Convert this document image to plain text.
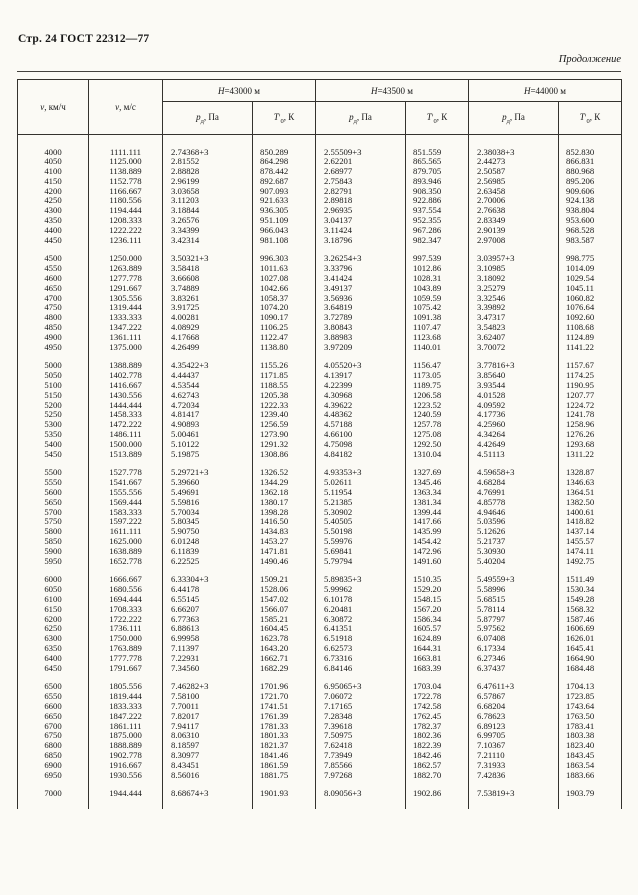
Стр. 24 ГОСТ 22312—77
Продолжение
v, км/ч	v, м/с	H=43000 м		H=43500 м		H=44000 м	
		$p_д$, Па	$T'_0$, К	$p_д$, Па	$T'_0$, К	$p_д$, Па	$T'_0$, К

4000	1111.111	2.74368+3	850.289	2.55509+3	851.559	2.38038+3	852.830
4050	1125.000	2.81552	864.298	2.62201	865.565	2.44273	866.831
4100	1138.889	2.88828	878.442	2.68977	879.705	2.50587	880.968
4150	1152.778	2.96199	892.687	2.75843	893.946	2.56985	895.206
4200	1166.667	3.03658	907.093	2.82791	908.350	2.63458	909.606
4250	1180.556	3.11203	921.633	2.89818	922.886	2.70006	924.138
4300	1194.444	3.18844	936.305	2.96935	937.554	2.76638	938.804
4350	1208.333	3.26576	951.109	3.04137	952.355	2.83349	953.600
4400	1222.222	3.34399	966.043	3.11424	967.286	2.90139	968.528
4450	1236.111	3.42314	981.108	3.18796	982.347	2.97008	983.587

4500	1250.000	3.50321+3	996.303	3.26254+3	997.539	3.03957+3	998.775
4550	1263.889	3.58418	1011.63	3.33796	1012.86	3.10985	1014.09
4600	1277.778	3.66608	1027.08	3.41424	1028.31	3.18092	1029.54
4650	1291.667	3.74889	1042.66	3.49137	1043.89	3.25279	1045.11
4700	1305.556	3.83261	1058.37	3.56936	1059.59	3.32546	1060.82
4750	1319.444	3.91725	1074.20	3.64819	1075.42	3.39892	1076.64
4800	1333.333	4.00281	1090.17	3.72789	1091.38	3.47317	1092.60
4850	1347.222	4.08929	1106.25	3.80843	1107.47	3.54823	1108.68
4900	1361.111	4.17668	1122.47	3.88983	1123.68	3.62407	1124.89
4950	1375.000	4.26499	1138.80	3.97209	1140.01	3.70072	1141.22

5000	1388.889	4.35422+3	1155.26	4.05520+3	1156.47	3.77816+3	1157.67
5050	1402.778	4.44437	1171.85	4.13917	1173.05	3.85640	1174.25
5100	1416.667	4.53544	1188.55	4.22399	1189.75	3.93544	1190.95
5150	1430.556	4.62743	1205.38	4.30968	1206.58	4.01528	1207.77
5200	1444.444	4.72034	1222.33	4.39622	1223.52	4.09592	1224.72
5250	1458.333	4.81417	1239.40	4.48362	1240.59	4.17736	1241.78
5300	1472.222	4.90893	1256.59	4.57188	1257.78	4.25960	1258.96
5350	1486.111	5.00461	1273.90	4.66100	1275.08	4.34264	1276.26
5400	1500.000	5.10122	1291.32	4.75098	1292.50	4.42649	1293.68
5450	1513.889	5.19875	1308.86	4.84182	1310.04	4.51113	1311.22

5500	1527.778	5.29721+3	1326.52	4.93353+3	1327.69	4.59658+3	1328.87
5550	1541.667	5.39660	1344.29	5.02611	1345.46	4.68284	1346.63
5600	1555.556	5.49691	1362.18	5.11954	1363.34	4.76991	1364.51
5650	1569.444	5.59816	1380.17	5.21385	1381.34	4.85778	1382.50
5700	1583.333	5.70034	1398.28	5.30902	1399.44	4.94646	1400.61
5750	1597.222	5.80345	1416.50	5.40505	1417.66	5.03596	1418.82
5800	1611.111	5.90750	1434.83	5.50198	1435.99	5.12626	1437.14
5850	1625.000	6.01248	1453.27	5.59976	1454.42	5.21737	1455.57
5900	1638.889	6.11839	1471.81	5.69841	1472.96	5.30930	1474.11
5950	1652.778	6.22525	1490.46	5.79794	1491.60	5.40204	1492.75

6000	1666.667	6.33304+3	1509.21	5.89835+3	1510.35	5.49559+3	1511.49
6050	1680.556	6.44178	1528.06	5.99962	1529.20	5.58996	1530.34
6100	1694.444	6.55145	1547.02	6.10178	1548.15	5.68515	1549.28
6150	1708.333	6.66207	1566.07	6.20481	1567.20	5.78114	1568.32
6200	1722.222	6.77363	1585.21	6.30872	1586.34	5.87797	1587.46
6250	1736.111	6.88613	1604.45	6.41351	1605.57	5.97562	1606.69
6300	1750.000	6.99958	1623.78	6.51918	1624.89	6.07408	1626.01
6350	1763.889	7.11397	1643.20	6.62573	1644.31	6.17334	1645.41
6400	1777.778	7.22931	1662.71	6.73316	1663.81	6.27346	1664.90
6450	1791.667	7.34560	1682.29	6.84146	1683.39	6.37437	1684.48

6500	1805.556	7.46282+3	1701.96	6.95065+3	1703.04	6.47611+3	1704.13
6550	1819.444	7.58100	1721.70	7.06072	1722.78	6.57867	1723.85
6600	1833.333	7.70011	1741.51	7.17165	1742.58	6.68204	1743.64
6650	1847.222	7.82017	1761.39	7.28348	1762.45	6.78623	1763.50
6700	1861.111	7.94117	1781.33	7.39618	1782.37	6.89123	1783.41
6750	1875.000	8.06310	1801.33	7.50975	1802.36	6.99705	1803.38
6800	1888.889	8.18597	1821.37	7.62418	1822.39	7.10367	1823.40
6850	1902.778	8.30977	1841.46	7.73949	1842.46	7.21110	1843.45
6900	1916.667	8.43451	1861.59	7.85566	1862.57	7.31933	1863.54
6950	1930.556	8.56016	1881.75	7.97268	1882.70	7.42836	1883.66

7000	1944.444	8.68674+3	1901.93	8.09056+3	1902.86	7.53819+3	1903.79
